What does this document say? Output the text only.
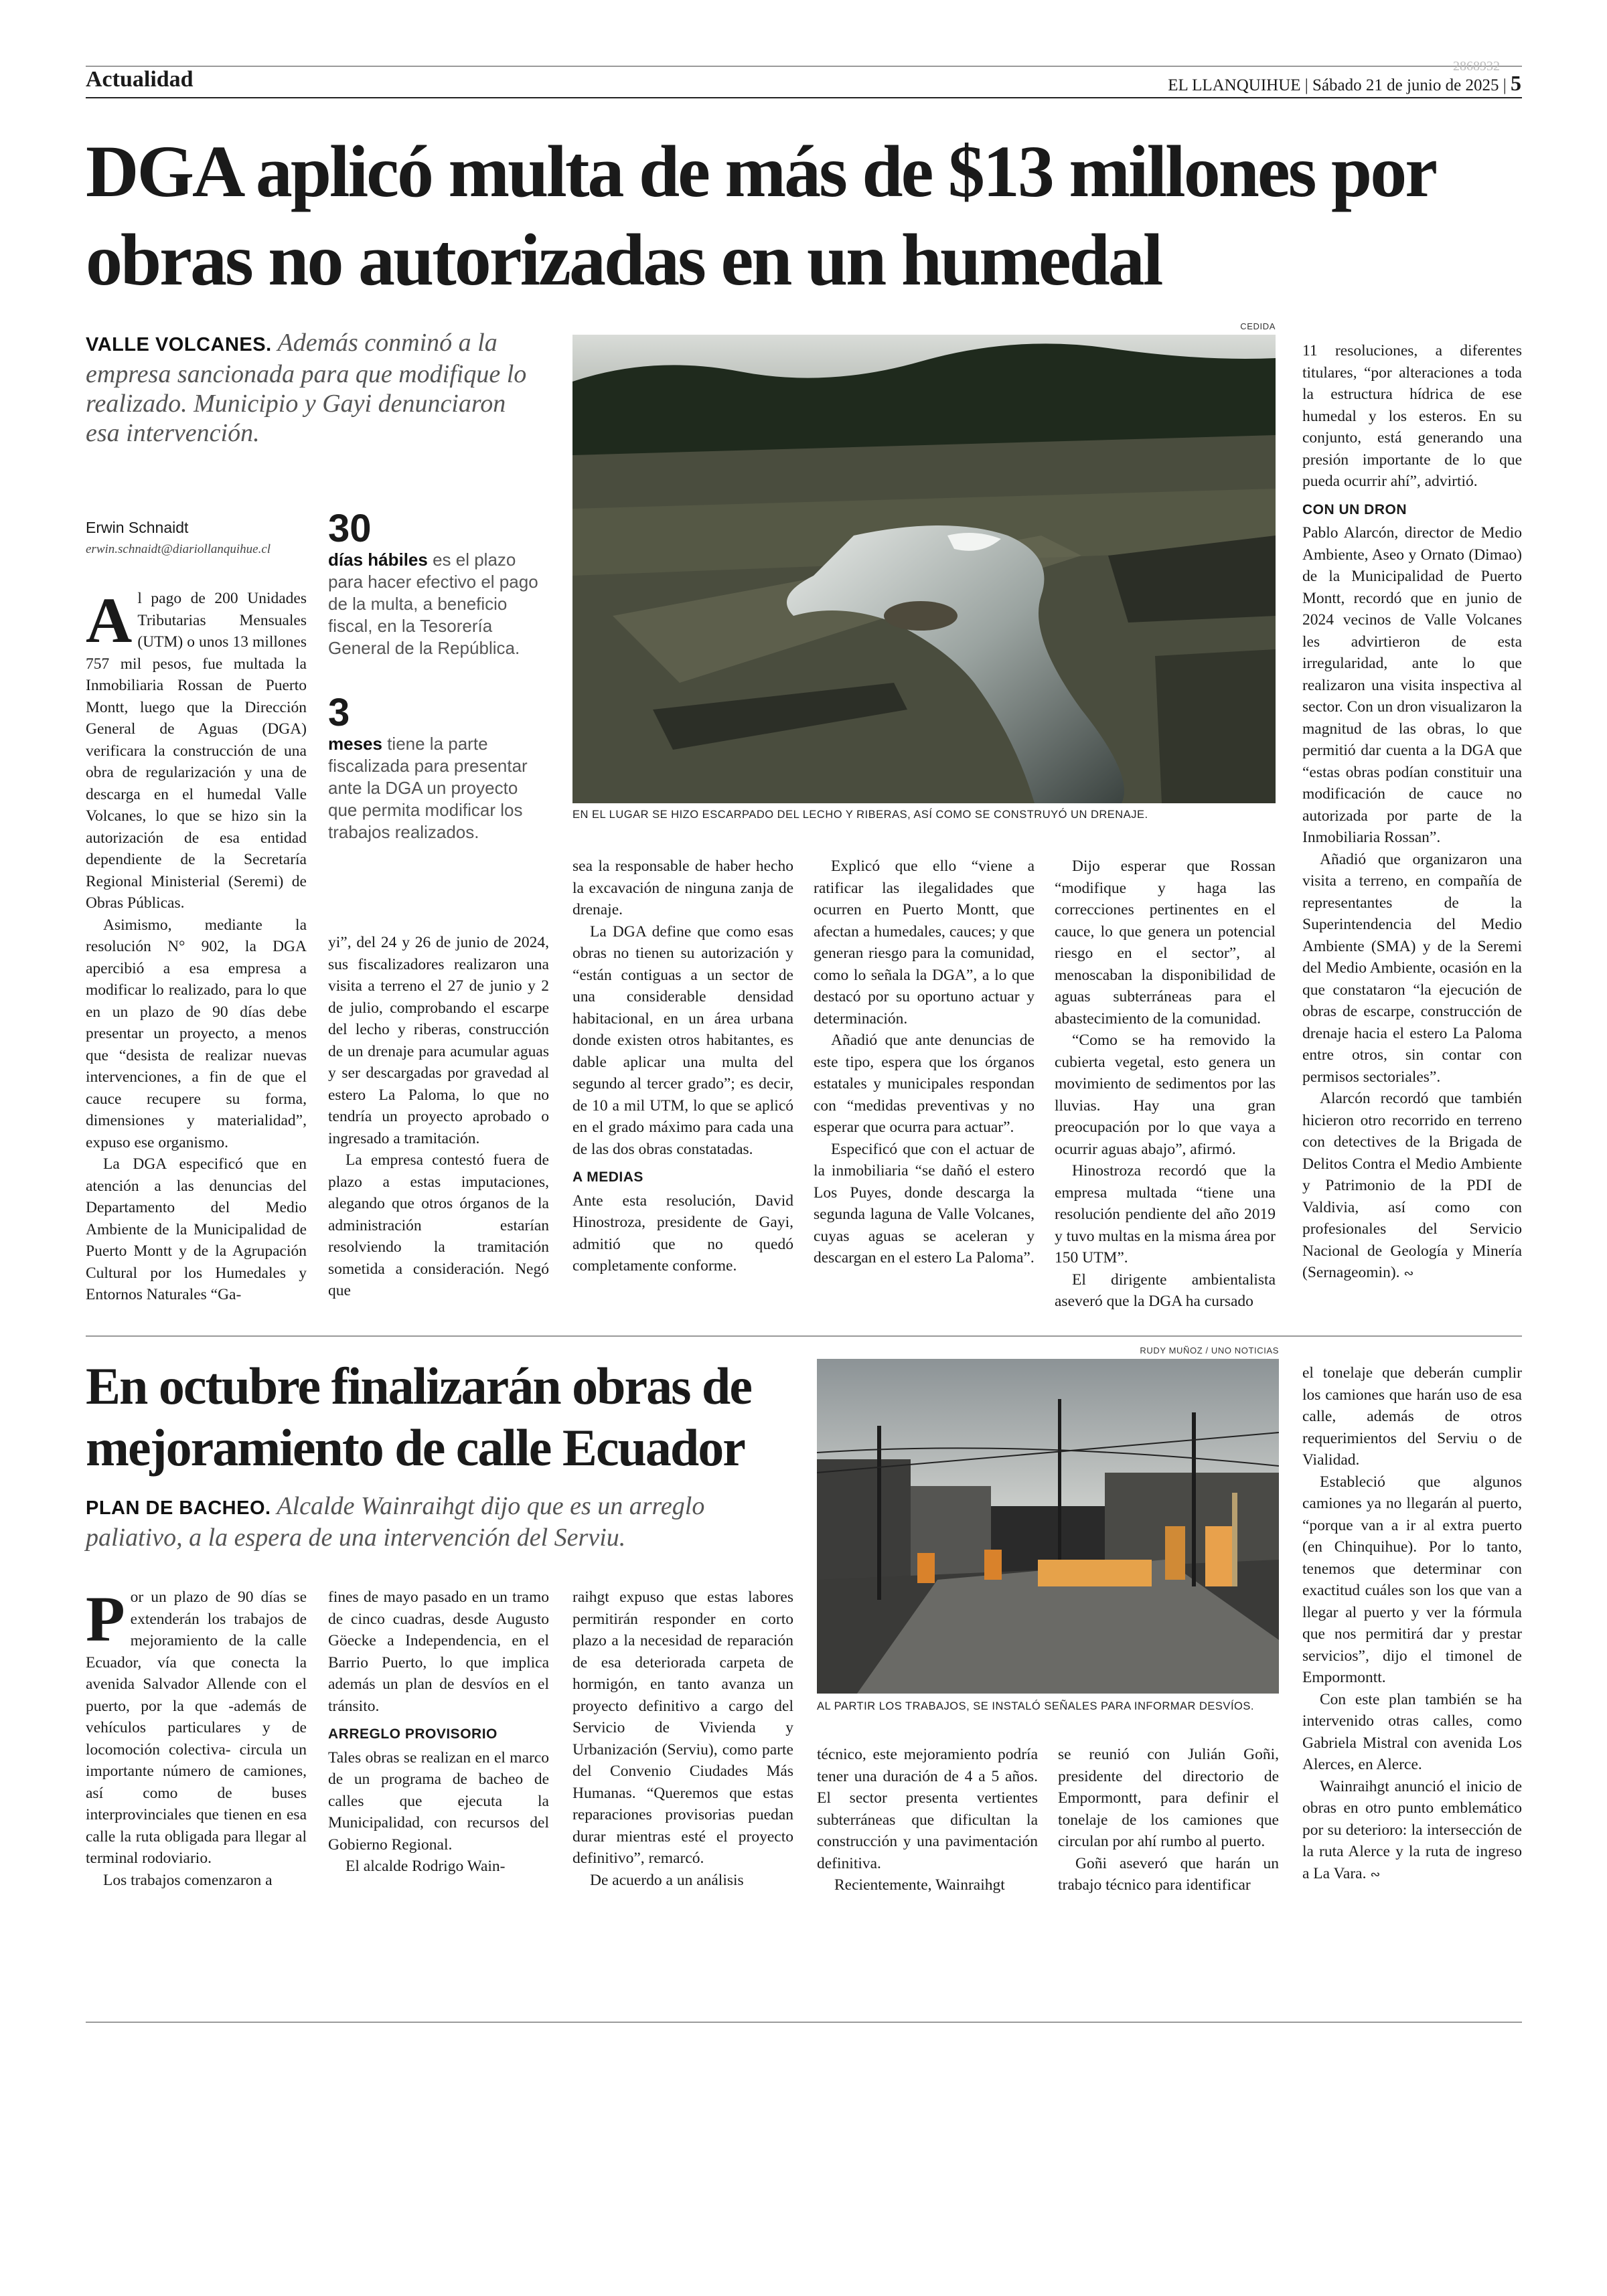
Actualidad
2868932
EL LLANQUIHUE | Sábado 21 de junio de 2025 | 5
DGA aplicó multa de más de $13 millones por obras no autorizadas en un humedal
VALLE VOLCANES. Además conminó a la empresa sancionada para que modifique lo realizado. Municipio y Gayi denunciaron esa intervención.
Erwin Schnaidt
erwin.schnaidt@diariollanquihue.cl 30
días hábiles es el plazo para hacer efectivo el pago de la multa, a beneficio fiscal, en la Tesorería General de la República.
3
meses tiene la parte fiscalizada para presentar ante la DGA un proyecto que permita modificar los trabajos realizados.
CEDIDA
EN EL LUGAR SE HIZO ESCARPADO DEL LECHO Y RIBERAS, ASÍ COMO SE CONSTRUYÓ UN DRENAJE.

Al pago de 200 Unidades Tributarias Mensuales (UTM) o unos 13 millones 757 mil pesos, fue multada la Inmobiliaria Rossan de Puerto Montt, luego que la Dirección General de Aguas (DGA) verificara la construcción de una obra de regularización y una de descarga en el humedal Valle Volcanes, lo que se hizo sin la autorización de esa entidad dependiente de la Secretaría Regional Ministerial (Seremi) de Obras Públicas.

Asimismo, mediante la resolución N° 902, la DGA apercibió a esa empresa a modificar lo realizado, para lo que en un plazo de 90 días debe presentar un proyecto, a menos que “desista de realizar nuevas intervenciones, a fin de que el cauce recupere su forma, dimensiones y materialidad”, expuso ese organismo.

La DGA especificó que en atención a las denuncias del Departamento del Medio Ambiente de la Municipalidad de Puerto Montt y de la Agrupación Cultural por los Humedales y Entornos Naturales “Ga-

yi”, del 24 y 26 de junio de 2024, sus fiscalizadores realizaron una visita a terreno el 27 de junio y 2 de julio, comprobando el escarpe del lecho y riberas, construcción de un drenaje para acumular aguas y ser descargadas por gravedad al estero La Paloma, lo que no tendría un proyecto aprobado o ingresado a tramitación.

La empresa contestó fuera de plazo a estas imputaciones, alegando que otros órganos de la administración estarían resolviendo la tramitación sometida a consideración. Negó que

sea la responsable de haber hecho la excavación de ninguna zanja de drenaje.

La DGA define que como esas obras no tienen su autorización y “están contiguas a un sector de una considerable densidad habitacional, en un área urbana donde existen otros habitantes, es dable aplicar una multa del segundo al tercer grado”; es decir, de 10 a mil UTM, lo que se aplicó en el grado máximo para cada una de las dos obras constatadas.

A MEDIAS

Ante esta resolución, David Hinostroza, presidente de Gayi, admitió que no quedó completamente conforme.

Explicó que ello “viene a ratificar las ilegalidades que ocurren en Puerto Montt, que afectan a humedales, cauces; y que generan riesgo para la comunidad, como lo señala la DGA”, a lo que destacó por su oportuno actuar y determinación.

Añadió que ante denuncias de este tipo, espera que los órganos estatales y municipales respondan con “medidas preventivas y no esperar que ocurra para actuar”.

Especificó que con el actuar de la inmobiliaria “se dañó el estero Los Puyes, donde descarga la segunda laguna de Valle Volcanes, cuyas aguas se aceleran y descargan en el estero La Paloma”.

Dijo esperar que Rossan “modifique y haga las correcciones pertinentes en el cauce, lo que genera un potencial riesgo en el sector”, al menoscaban la disponibilidad de aguas subterráneas para el abastecimiento de la comunidad.

“Como se ha removido la cubierta vegetal, esto genera un movimiento de sedimentos por las lluvias. Hay una gran preocupación por lo que vaya a ocurrir aguas abajo”, afirmó.

Hinostroza recordó que la empresa multada “tiene una resolución pendiente del año 2019 y tuvo multas en la misma área por 150 UTM”.

El dirigente ambientalista aseveró que la DGA ha cursado

11 resoluciones, a diferentes titulares, “por alteraciones a toda la estructura hídrica de ese humedal y los esteros. En su conjunto, está generando una presión importante de lo que pueda ocurrir ahí”, advirtió.

CON UN DRON

Pablo Alarcón, director de Medio Ambiente, Aseo y Ornato (Dimao) de la Municipalidad de Puerto Montt, recordó que en junio de 2024 vecinos de Valle Volcanes les advirtieron de esta irregularidad, ante lo que realizaron una visita inspectiva al sector. Con un dron visualizaron la magnitud de las obras, lo que permitió dar cuenta a la DGA que “estas obras podían constituir una modificación de cauce no autorizada por parte de la Inmobiliaria Rossan”.

Añadió que organizaron una visita a terreno, en compañía de representantes de la Superintendencia del Medio Ambiente (SMA) y de la Seremi del Medio Ambiente, ocasión en la que constataron “la ejecución de obras de escarpe, construcción de drenaje hacia el estero La Paloma entre otros, sin contar con permisos sectoriales”.

Alarcón recordó que también hicieron otro recorrido en terreno con detectives de la Brigada de Delitos Contra el Medio Ambiente y Patrimonio de la PDI de Valdivia, así como con profesionales del Servicio Nacional de Geología y Minería (Sernageomin). ∾

En octubre finalizarán obras de mejoramiento de calle Ecuador
PLAN DE BACHEO. Alcalde Wainraihgt dijo que es un arreglo paliativo, a la espera de una intervención del Serviu.
RUDY MUÑOZ / UNO NOTICIAS
AL PARTIR LOS TRABAJOS, SE INSTALÓ SEÑALES PARA INFORMAR DESVÍOS.

Por un plazo de 90 días se extenderán los trabajos de mejoramiento de la calle Ecuador, vía que conecta la avenida Salvador Allende con el puerto, por la que -además de vehículos particulares y de locomoción colectiva- circula un importante número de camiones, así como de buses interprovinciales que tienen en esa calle la ruta obligada para llegar al terminal rodoviario.

Los trabajos comenzaron a

fines de mayo pasado en un tramo de cinco cuadras, desde Augusto Göecke a Independencia, en el Barrio Puerto, lo que implica además un plan de desvíos en el tránsito.

ARREGLO PROVISORIO

Tales obras se realizan en el marco de un programa de bacheo de calles que ejecuta la Municipalidad, con recursos del Gobierno Regional.

El alcalde Rodrigo Wain-

raihgt expuso que estas labores permitirán responder en corto plazo a la necesidad de reparación de esa deteriorada carpeta de hormigón, en tanto avanza un proyecto definitivo a cargo del Servicio de Vivienda y Urbanización (Serviu), como parte del Convenio Ciudades Más Humanas. “Queremos que estas reparaciones provisorias puedan durar mientras esté el proyecto definitivo”, remarcó.

De acuerdo a un análisis

técnico, este mejoramiento podría tener una duración de 4 a 5 años. El sector presenta vertientes subterráneas que dificultan la construcción y una pavimentación definitiva.

Recientemente, Wainraihgt

se reunió con Julián Goñi, presidente del directorio de Empormontt, para definir el tonelaje de los camiones que circulan por ahí rumbo al puerto.

Goñi aseveró que harán un trabajo técnico para identificar

el tonelaje que deberán cumplir los camiones que harán uso de esa calle, además de otros requerimientos del Serviu o de Vialidad.

Estableció que algunos camiones ya no llegarán al puerto, “porque van a ir al extra puerto (en Chinquihue). Por lo tanto, tenemos que determinar con exactitud cuáles son los que van a llegar al puerto y ver la fórmula que nos permitirá dar y prestar servicios”, dijo el timonel de Empormontt.

Con este plan también se ha intervenido otras calles, como Gabriela Mistral con avenida Los Alerces, en Alerce.

Wainraihgt anunció el inicio de obras en otro punto emblemático por su deterioro: la intersección de la ruta Alerce y la ruta de ingreso a La Vara. ∾
